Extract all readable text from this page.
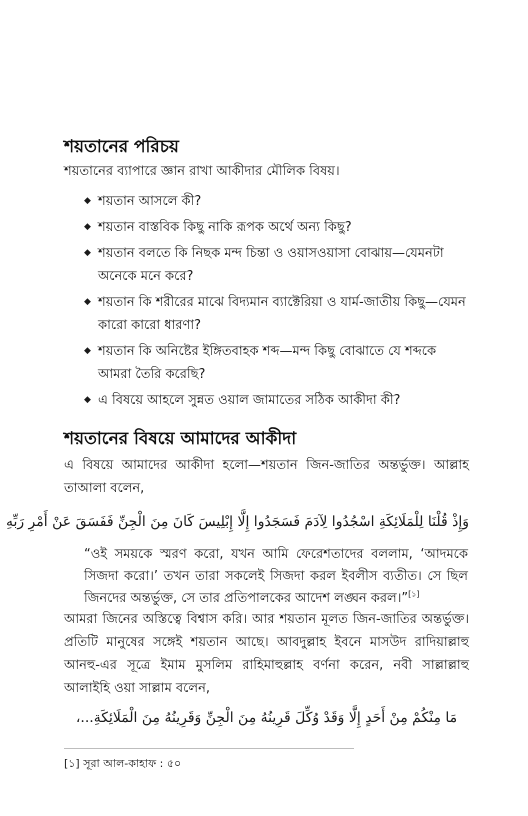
শয়তানের পরিচয়
শয়তানের ব্যাপারে জ্ঞান রাখা আকীদার মৌলিক বিষয়।
◆ শয়তান আসলে কী?
◆ শয়তান বাস্তবিক কিছু নাকি রূপক অর্থে অন্য কিছু?
◆ শয়তান বলতে কি নিছক মন্দ চিন্তা ও ওয়াসওয়াসা বোঝায়—যেমনটা অনেকে মনে করে?
◆ শয়তান কি শরীরের মাঝে বিদ্যমান ব্যাক্টেরিয়া ও যার্ম-জাতীয় কিছু—যেমন কারো কারো ধারণা?
◆ শয়তান কি অনিষ্টের ইঙ্গিতবাহক শব্দ—মন্দ কিছু বোঝাতে যে শব্দকে আমরা তৈরি করেছি?
◆ এ বিষয়ে আহলে সুন্নত ওয়াল জামাতের সঠিক আকীদা কী?
শয়তানের বিষয়ে আমাদের আকীদা
এ বিষয়ে আমাদের আকীদা হলো—শয়তান জিন-জাতির অন্তর্ভুক্ত। আল্লাহ তাআলা বলেন,
وَإِذْ قُلْنَا لِلْمَلَائِكَةِ اسْجُدُوا لِآدَمَ فَسَجَدُوا إِلَّا إِبْلِيسَ كَانَ مِنَ الْجِنِّ فَفَسَقَ عَنْ أَمْرِ رَبِّهِ
“ওই সময়কে স্মরণ করো, যখন আমি ফেরেশতাদের বললাম, ‘আদমকে সিজদা করো।’ তখন তারা সকলেই সিজদা করল ইবলীস ব্যতীত। সে ছিল জিনদের অন্তর্ভুক্ত, সে তার প্রতিপালকের আদেশ লঙ্ঘন করল।”[১]
আমরা জিনের অস্তিত্বে বিশ্বাস করি। আর শয়তান মূলত জিন-জাতির অন্তর্ভুক্ত। প্রতিটি মানুষের সঙ্গেই শয়তান আছে। আবদুল্লাহ ইবনে মাসউদ রাদিয়াল্লাহু আনহু-এর সূত্রে ইমাম মুসলিম রাহিমাহুল্লাহ বর্ণনা করেন, নবী সাল্লাল্লাহু আলাইহি ওয়া সাল্লাম বলেন,
مَا مِنْكُمْ مِنْ أَحَدٍ إِلَّا وَقَدْ وُكِّلَ قَرِينُهُ مِنَ الْجِنِّ وَقَرِينُهُ مِنَ الْمَلَائِكَةِ...،
[১] সূরা আল-কাহাফ : ৫০
